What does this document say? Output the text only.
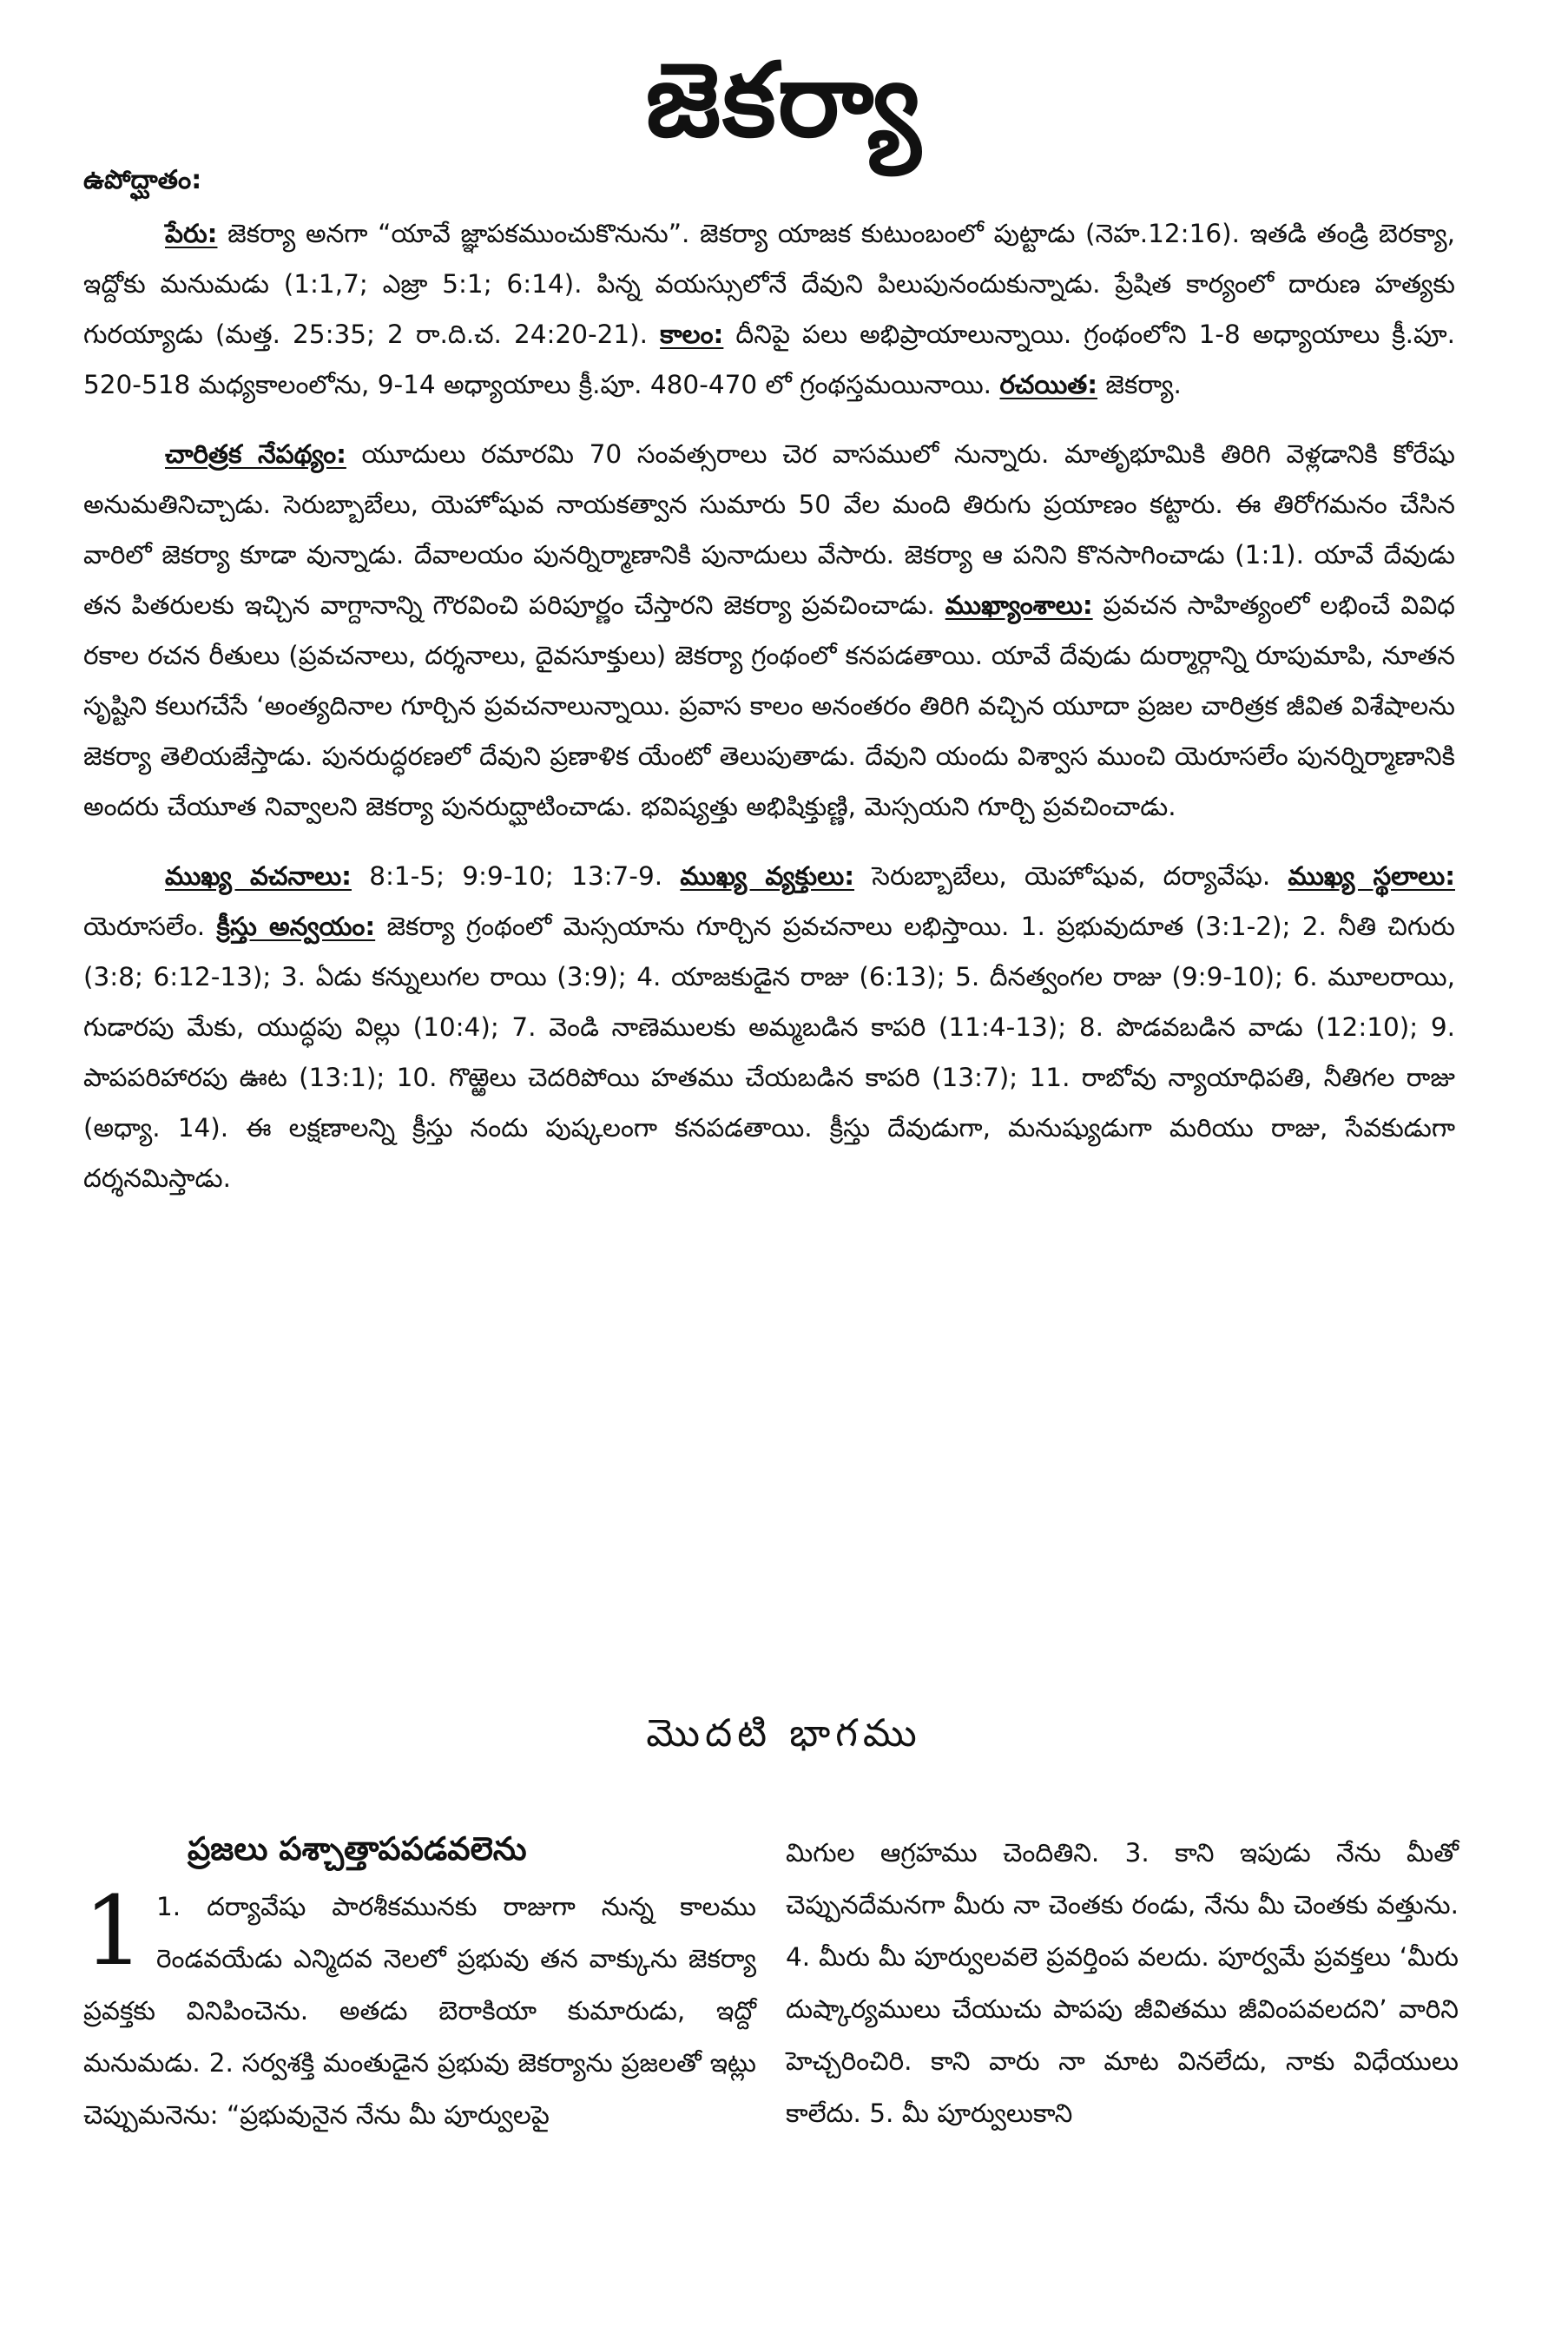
జెకర్యా
ఉపోద్ఘాతం:

పేరు: జెకర్యా అనగా “యావే జ్ఞాపకముంచుకొనును”. జెకర్యా యాజక కుటుంబంలో పుట్టాడు (నెహ.12:16). ఇతడి తండ్రి బెరక్యా, ఇద్దోకు మనుమడు (1:1,7; ఎజ్రా 5:1; 6:14). పిన్న వయస్సులోనే దేవుని పిలుపునందుకున్నాడు. ప్రేషిత కార్యంలో దారుణ హత్యకు గురయ్యాడు (మత్త. 25:35; 2 రా.ది.చ. 24:20-21). కాలం: దీనిపై పలు అభిప్రాయాలున్నాయి. గ్రంథంలోని 1-8 అధ్యాయాలు క్రీ.పూ. 520-518 మధ్యకాలంలోను, 9-14 అధ్యాయాలు క్రీ.పూ. 480-470 లో గ్రంథస్తమయినాయి. రచయిత: జెకర్యా.

చారిత్రక నేపథ్యం: యూదులు రమారమి 70 సంవత్సరాలు చెర వాసములో నున్నారు. మాతృభూమికి తిరిగి వెళ్లడానికి కోరేషు అనుమతినిచ్చాడు. సెరుబ్బాబేలు, యెహోషువ నాయకత్వాన సుమారు 50 వేల మంది తిరుగు ప్రయాణం కట్టారు. ఈ తిరోగమనం చేసిన వారిలో జెకర్యా కూడా వున్నాడు. దేవాలయం పునర్నిర్మాణానికి పునాదులు వేసారు. జెకర్యా ఆ పనిని కొనసాగించాడు (1:1). యావే దేవుడు తన పితరులకు ఇచ్చిన వాగ్దానాన్ని గౌరవించి పరిపూర్ణం చేస్తారని జెకర్యా ప్రవచించాడు. ముఖ్యాంశాలు: ప్రవచన సాహిత్యంలో లభించే వివిధ రకాల రచన రీతులు (ప్రవచనాలు, దర్శనాలు, దైవసూక్తులు) జెకర్యా గ్రంథంలో కనపడతాయి. యావే దేవుడు దుర్మార్గాన్ని రూపుమాపి, నూతన సృష్టిని కలుగచేసే ‘అంత్యదినాల గూర్చిన ప్రవచనాలున్నాయి. ప్రవాస కాలం అనంతరం తిరిగి వచ్చిన యూదా ప్రజల చారిత్రక జీవిత విశేషాలను జెకర్యా తెలియజేస్తాడు. పునరుద్ధరణలో దేవుని ప్రణాళిక యేంటో తెలుపుతాడు. దేవుని యందు విశ్వాస ముంచి యెరూసలేం పునర్నిర్మాణానికి అందరు చేయూత నివ్వాలని జెకర్యా పునరుద్ఘాటించాడు. భవిష్యత్తు అభిషిక్తుణ్ణి, మెస్సయని గూర్చి ప్రవచించాడు.

ముఖ్య వచనాలు: 8:1-5; 9:9-10; 13:7-9. ముఖ్య వ్యక్తులు: సెరుబ్బాబేలు, యెహోషువ, దర్యావేషు. ముఖ్య స్థలాలు: యెరూసలేం. క్రీస్తు అన్వయం: జెకర్యా గ్రంథంలో మెస్సయాను గూర్చిన ప్రవచనాలు లభిస్తాయి. 1. ప్రభువుదూత (3:1-2); 2. నీతి చిగురు (3:8; 6:12-13); 3. ఏడు కన్నులుగల రాయి (3:9); 4. యాజకుడైన రాజు (6:13); 5. దీనత్వంగల రాజు (9:9-10); 6. మూలరాయి, గుడారపు మేకు, యుద్ధపు విల్లు (10:4); 7. వెండి నాణెములకు అమ్మబడిన కాపరి (11:4-13); 8. పొడవబడిన వాడు (12:10); 9. పాపపరిహారపు ఊట (13:1); 10. గొఱ్ఱెలు చెదరిపోయి హతము చేయబడిన కాపరి (13:7); 11. రాబోవు న్యాయాధిపతి, నీతిగల రాజు (అధ్యా. 14). ఈ లక్షణాలన్ని క్రీస్తు నందు పుష్కలంగా కనపడతాయి. క్రీస్తు దేవుడుగా, మనుష్యుడుగా మరియు రాజు, సేవకుడుగా దర్శనమిస్తాడు.

మొదటి భాగము
ప్రజలు పశ్చాత్తాపపడవలెను

1 1. దర్యావేషు పారశీకమునకు రాజుగా నున్న కాలము రెండవయేడు ఎన్మిదవ నెలలో ప్రభువు తన వాక్కును జెకర్యా ప్రవక్తకు వినిపించెను. అతడు బెరాకియా కుమారుడు, ఇద్దో మనుమడు. 2. సర్వశక్తి మంతుడైన ప్రభువు జెకర్యాను ప్రజలతో ఇట్లు చెప్పుమనెను: “ప్రభువునైన నేను మీ పూర్వులపై

మిగుల ఆగ్రహము చెందితిని. 3. కాని ఇపుడు నేను మీతో చెప్పునదేమనగా మీరు నా చెంతకు రండు, నేను మీ చెంతకు వత్తును. 4. మీరు మీ పూర్వులవలె ప్రవర్తింప వలదు. పూర్వమే ప్రవక్తలు ‘మీరు దుష్కార్యములు చేయుచు పాపపు జీవితము జీవింపవలదని’ వారిని హెచ్చరించిరి. కాని వారు నా మాట వినలేదు, నాకు విధేయులు కాలేదు. 5. మీ పూర్వులుకాని
